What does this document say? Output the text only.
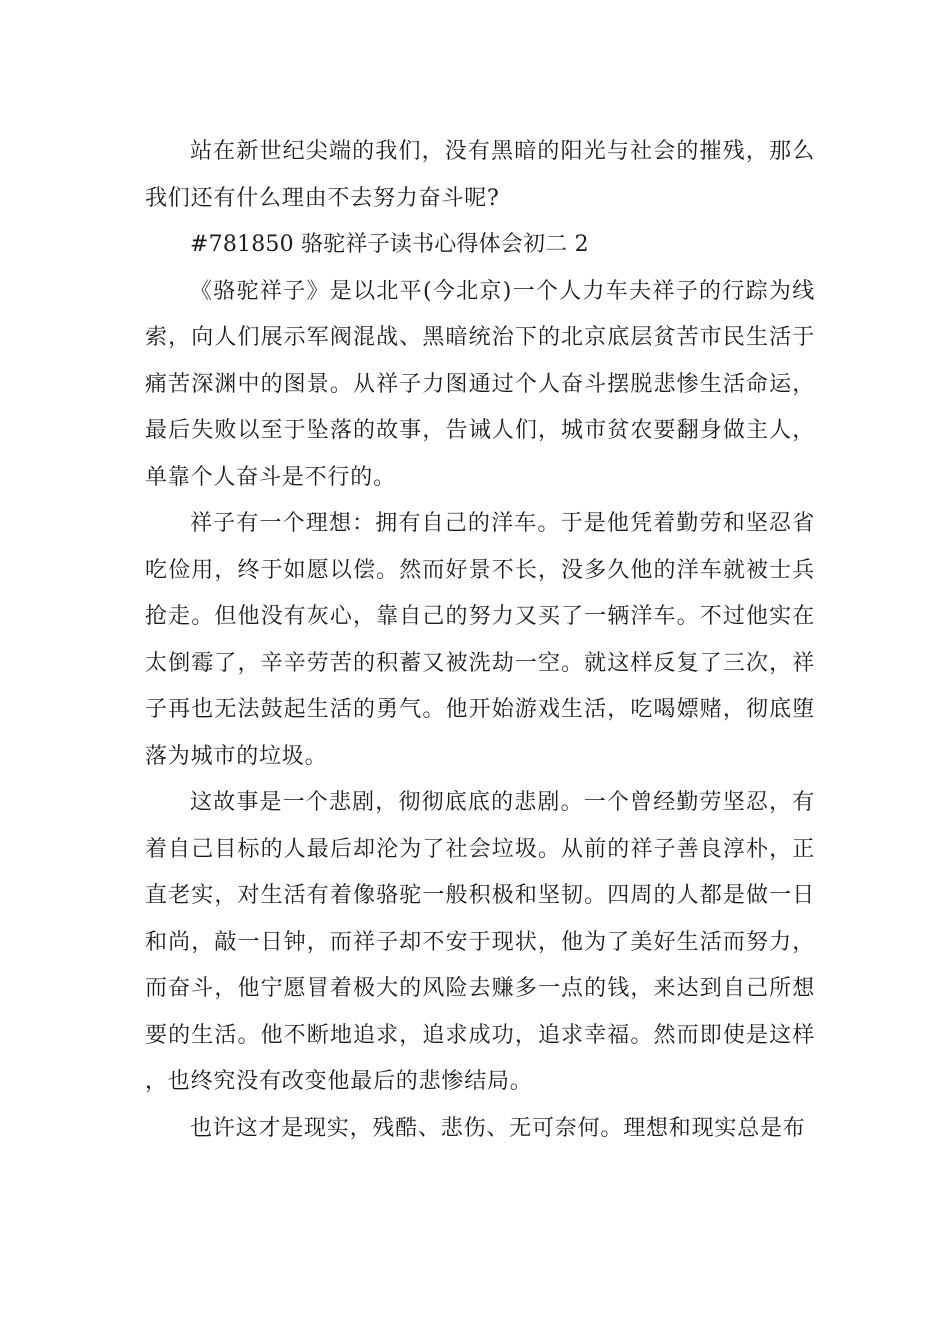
站在新世纪尖端的我们，没有黑暗的阳光与社会的摧残，那么我们还有什么理由不去努力奋斗呢?

#781850 骆驼祥子读书心得体会初二 2

《骆驼祥子》是以北平(今北京)一个人力车夫祥子的行踪为线索，向人们展示军阀混战、黑暗统治下的北京底层贫苦市民生活于痛苦深渊中的图景。从祥子力图通过个人奋斗摆脱悲惨生活命运，最后失败以至于坠落的故事，告诫人们，城市贫农要翻身做主人，单靠个人奋斗是不行的。

祥子有一个理想：拥有自己的洋车。于是他凭着勤劳和坚忍省吃俭用，终于如愿以偿。然而好景不长，没多久他的洋车就被士兵抢走。但他没有灰心，靠自己的努力又买了一辆洋车。不过他实在太倒霉了，辛辛劳苦的积蓄又被洗劫一空。就这样反复了三次，祥子再也无法鼓起生活的勇气。他开始游戏生活，吃喝嫖赌，彻底堕落为城市的垃圾。

这故事是一个悲剧，彻彻底底的悲剧。一个曾经勤劳坚忍，有着自己目标的人最后却沦为了社会垃圾。从前的祥子善良淳朴，正直老实，对生活有着像骆驼一般积极和坚韧。四周的人都是做一日和尚，敲一日钟，而祥子却不安于现状，他为了美好生活而努力，而奋斗，他宁愿冒着极大的风险去赚多一点的钱，来达到自己所想要的生活。他不断地追求，追求成功，追求幸福。然而即使是这样，也终究没有改变他最后的悲惨结局。

也许这才是现实，残酷、悲伤、无可奈何。理想和现实总是布
